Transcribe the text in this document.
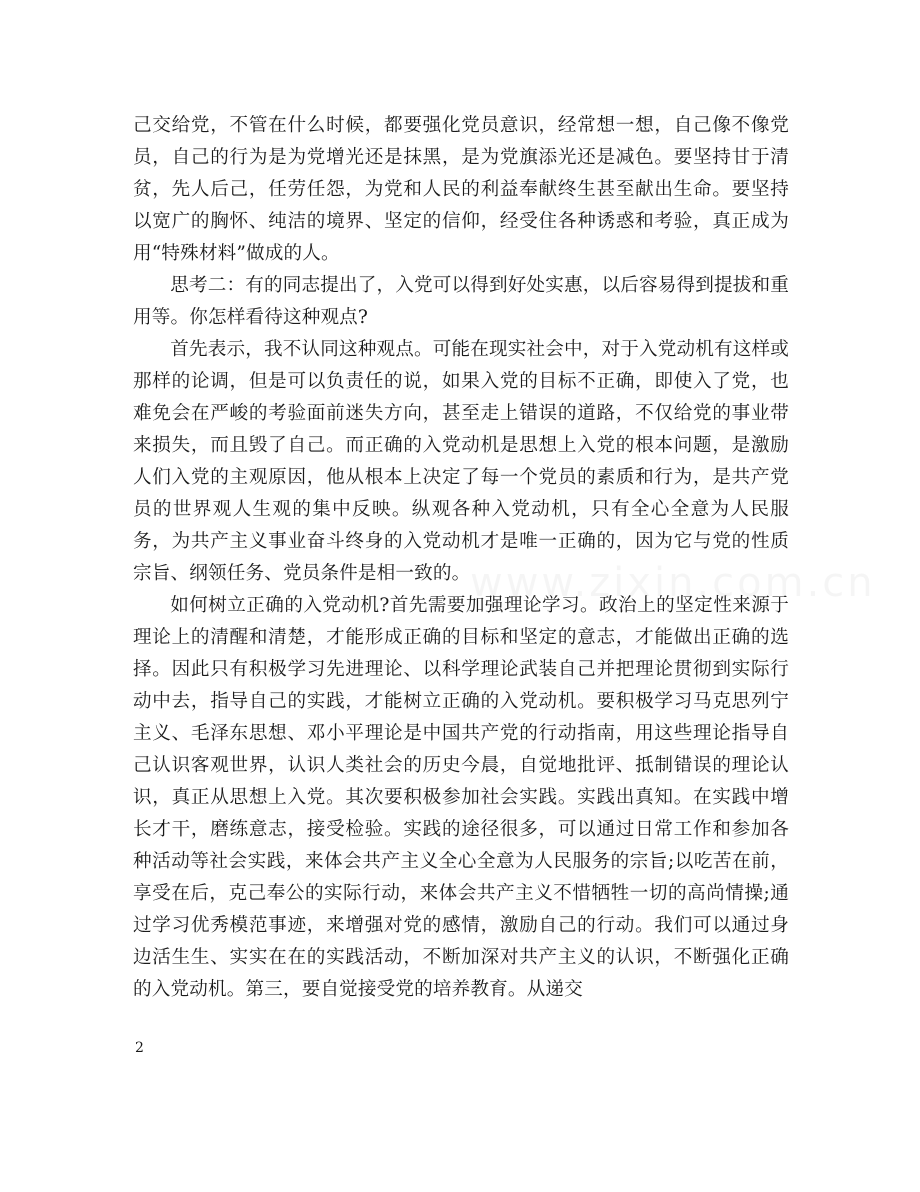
己交给党，不管在什么时候，都要强化党员意识，经常想一想，自己像不像党员，自己的行为是为党增光还是抹黑，是为党旗添光还是减色。要坚持甘于清贫，先人后己，任劳任怨，为党和人民的利益奉献终生甚至献出生命。要坚持以宽广的胸怀、纯洁的境界、坚定的信仰，经受住各种诱惑和考验，真正成为用“特殊材料”做成的人。

思考二：有的同志提出了，入党可以得到好处实惠，以后容易得到提拔和重用等。你怎样看待这种观点?

首先表示，我不认同这种观点。可能在现实社会中，对于入党动机有这样或那样的论调，但是可以负责任的说，如果入党的目标不正确，即使入了党，也难免会在严峻的考验面前迷失方向，甚至走上错误的道路，不仅给党的事业带来损失，而且毁了自己。而正确的入党动机是思想上入党的根本问题，是激励人们入党的主观原因，他从根本上决定了每一个党员的素质和行为，是共产党员的世界观人生观的集中反映。纵观各种入党动机，只有全心全意为人民服务，为共产主义事业奋斗终身的入党动机才是唯一正确的，因为它与党的性质宗旨、纲领任务、党员条件是相一致的。

如何树立正确的入党动机?首先需要加强理论学习。政治上的坚定性来源于理论上的清醒和清楚，才能形成正确的目标和坚定的意志，才能做出正确的选择。因此只有积极学习先进理论、以科学理论武装自己并把理论贯彻到实际行动中去，指导自己的实践，才能树立正确的入党动机。要积极学习马克思列宁主义、毛泽东思想、邓小平理论是中国共产党的行动指南，用这些理论指导自己认识客观世界，认识人类社会的历史今晨，自觉地批评、抵制错误的理论认识，真正从思想上入党。其次要积极参加社会实践。实践出真知。在实践中增长才干，磨练意志，接受检验。实践的途径很多，可以通过日常工作和参加各种活动等社会实践，来体会共产主义全心全意为人民服务的宗旨;以吃苦在前，享受在后，克己奉公的实际行动，来体会共产主义不惜牺牲一切的高尚情操;通过学习优秀模范事迹，来增强对党的感情，激励自己的行动。我们可以通过身边活生生、实实在在的实践活动，不断加深对共产主义的认识，不断强化正确的入党动机。第三，要自觉接受党的培养教育。从递交

2
